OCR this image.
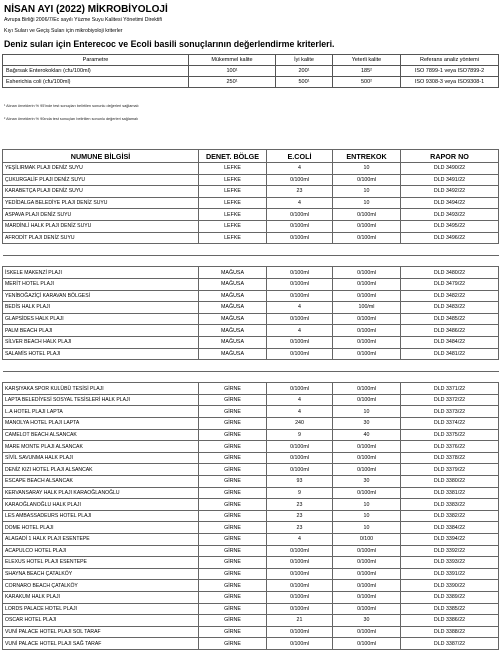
NİSAN AYI (2022) MİKROBİYOLOJİ
Avrupa Birliği 2006/7/Ec sayılı Yüzme Suyu Kalitesi Yönetimi Direktifi
Kıyı Suları ve Geçiş Suları için mikrobiyoloji kriterler
Deniz suları için Enterecoc ve Ecoli basili sonuçlarının değerlendirme kriterleri.
Parametre	Mükemmel kalite	İyi kalite	Yeterli kalite	Referans analiz yöntemi
Bağırsak Enterokokları (cfu/100ml)	100¹	200¹	185²	ISO 7899-1 veya ISO7899-2
Esherichia coli (cfu/100ml)	250¹	500¹	500²	ISO 9308-3 veya ISO9308-1
¹ Alınan örneklerin % 95'inde test sonuçları belirtilen sonunlu değerleri sağlamalı
² Alınan örneklerin % 90ında test sonuçları belirtilen sonunlu değerleri sağlamalı
NUMUNE BİLGİSİ	DENET. BÖLGE	E.COLİ	ENTREKOK	RAPOR NO
YEŞİLIRMAK PLAJI DENİZ SUYU	LEFKE	4	10	DLD 3490/22
ÇUKURGALİF PLAJI DENİZ SUYU	LEFKE	0/100ml	0/100ml	DLD 3491/22
KARABETÇA PLAJI DENİZ SUYU	LEFKE	23	10	DLD 3492/22
YEDİDALGA BELEDİYE PLAJI DENİZ SUYU	LEFKE	4	10	DLD 3494/22
ASPAVA PLAJI DENİZ SUYU	LEFKE	0/100ml	0/100ml	DLD 3493/22
MARDİNLİ HALK PLAJI DENİZ SUYU	LEFKE	0/100ml	0/100ml	DLD 3495/22
AFRODİT PLAJI DENİZ SUYU	LEFKE	0/100ml	0/100ml	DLD 3496/22

İSKELE MAKENZİ PLAJI	MAĞUSA	0/100ml	0/100ml	DLD 3480/22
MERİT HOTEL PLAJI	MAĞUSA	0/100ml	0/100ml	DLD 3479/22
YENİBOĞAZİÇİ KARAVAN BÖLGESİ	MAĞUSA	0/100ml	0/100ml	DLD 3482/22
BEDİS HALK PLAJI	MAĞUSA	4	100/ml	DLD 3483/22
GLAPSİDES HALK PLAJI	MAĞUSA	0/100ml	0/100ml	DLD 3485/22
PALM BEACH PLAJI	MAĞUSA	4	0/100ml	DLD 3486/22
SİLVER BEACH HALK PLAJI	MAĞUSA	0/100ml	0/100ml	DLD 3484/22
SALAMİS HOTEL PLAJI	MAĞUSA	0/100ml	0/100ml	DLD 3481/22

KARŞIYAKA SPOR KULÜBÜ TESİSİ PLAJI	GİRNE	0/100ml	0/100ml	DLD 3371/22
LAPTA BELEDİYESİ SOSYAL TESİSLERİ HALK PLAJI	GİRNE	4	0/100ml	DLD 3372/22
L.A HOTEL PLAJI LAPTA	GİRNE	4	10	DLD 3373/22
MANOLYA HOTEL PLAJI LAPTA	GİRNE	240	30	DLD 3374/22
CAMELOT BEACH ALSANCAK	GİRNE	9	40	DLD 3375/22
MARE MONTE PLAJI ALSANCAK	GİRNE	0/100ml	0/100ml	DLD 3376/22
SİVİL SAVUNMA HALK PLAJI	GİRNE	0/100ml	0/100ml	DLD 3378/22
DENİZ KIZI HOTEL PLAJI ALSANCAK	GİRNE	0/100ml	0/100ml	DLD 3379/22
ESCAPE BEACH ALSANCAK	GİRNE	93	30	DLD 3380/22
KERVANSARAY HALK PLAJI KARAOĞLANOĞLU	GİRNE	9	0/100ml	DLD 3381/22
KARAOĞLANOĞLU HALK PLAJI	GİRNE	23	10	DLD 3383/22
LES AMBASSADEURS HOTEL PLAJI	GİRNE	23	10	DLD 3382/22
DOME HOTEL PLAJI	GİRNE	23	10	DLD 3384/22
ALAGADİ 1 HALK PLAJI ESENTEPE	GİRNE	4	0/100	DLD 3394/22
ACAPULCO HOTEL PLAJI	GİRNE	0/100ml	0/100ml	DLD 3392/22
ELEXUS HOTEL PLAJI ESENTEPE	GİRNE	0/100ml	0/100ml	DLD 3393/22
SHAYNA BEACH ÇATALKÖY	GİRNE	0/100ml	0/100ml	DLD 3391/22
CORNARO BEACH ÇATALKÖY	GİRNE	0/100ml	0/100ml	DLD 3390/22
KARAKUM HALK PLAJI	GİRNE	0/100ml	0/100ml	DLD 3389/22
LORDS PALACE HOTEL PLAJI	GİRNE	0/100ml	0/100ml	DLD 3385/22
OSCAR HOTEL PLAJI	GİRNE	21	30	DLD 3386/22
VUNİ PALACE HOTEL PLAJI SOL TARAF	GİRNE	0/100ml	0/100ml	DLD 3388/22
VUNİ PALACE HOTEL PLAJI SAĞ TARAF	GİRNE	0/100ml	0/100ml	DLD 3387/22
